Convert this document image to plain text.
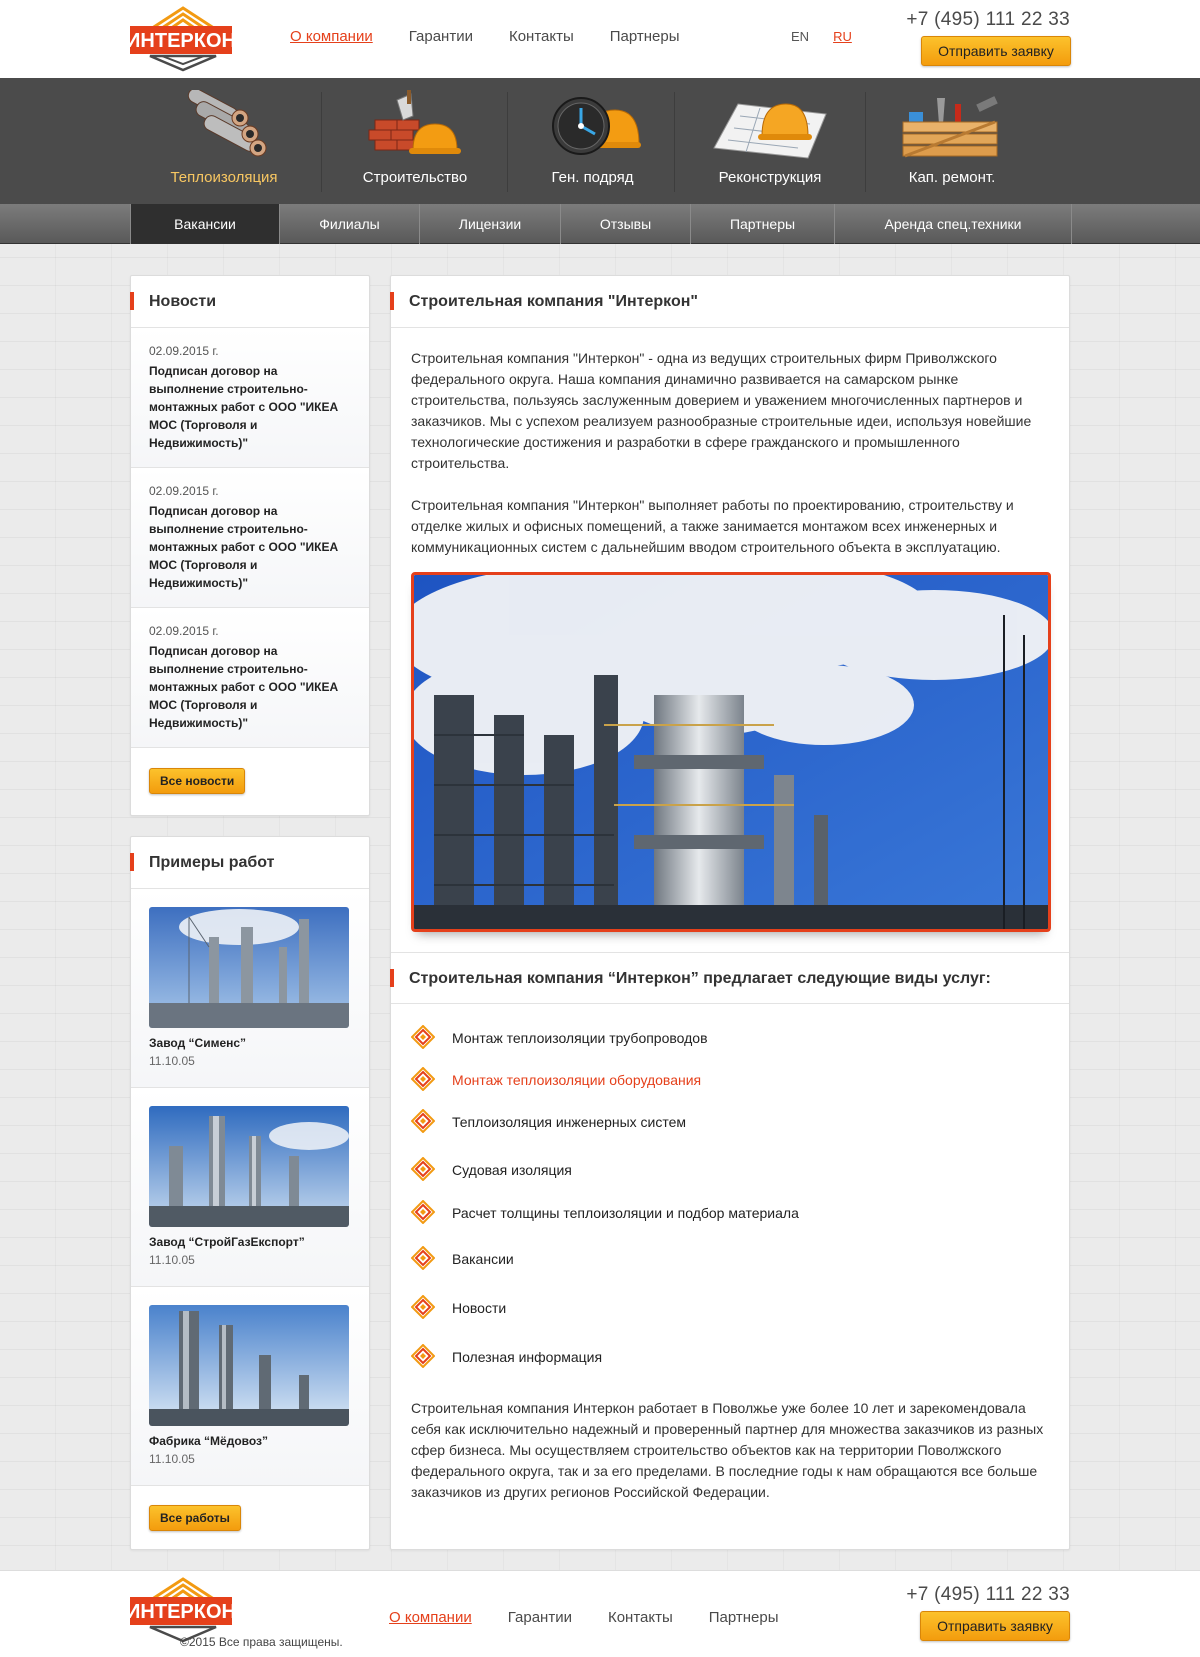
ИНТЕРКОН	О компании Гарантии Контакты Партнеры	EN RU
+7 (495) 111 22 33
Отправить заявку
Теплоизоляция	Строительство	Ген. подряд	Реконструкция	Кап. ремонт.
Вакансии	Филиалы	Лицензии	Отзывы	Партнеры	Аренда спец.техники
Новости
02.09.2015 г.
Подписан договор на выполнение строительно-монтажных работ с ООО "ИКЕА МОС (Торговоля и Недвижимость)"
02.09.2015 г.
Подписан договор на выполнение строительно-монтажных работ с ООО "ИКЕА МОС (Торговоля и Недвижимость)"
02.09.2015 г.
Подписан договор на выполнение строительно-монтажных работ с ООО "ИКЕА МОС (Торговоля и Недвижимость)"
Все новости
Примеры работ
Завод “Сименс”
11.10.05
Завод “СтройГазЕкспорт”
11.10.05
Фабрика “Мёдовоз”
11.10.05
Все работы
Строительная компания "Интеркон"

Строительная компания "Интеркон" - одна из ведущих строительных фирм Приволжского федерального округа. Наша компания динамично развивается на самарском рынке строительства, пользуясь заслуженным доверием и уважением многочисленных партнеров и заказчиков. Мы с успехом реализуем разнообразные строительные идеи, используя новейшие технологические достижения и разработки в сфере гражданского и промышленного строительства.

Строительная компания "Интеркон" выполняет работы по проектированию, строительству и отделке жилых и офисных помещений, а также занимается монтажом всех инженерных и коммуникационных систем с дальнейшим вводом строительного объекта в эксплуатацию.

Строительная компания “Интеркон” предлагает следующие виды услуг:
Монтаж теплоизоляции трубопроводов
Монтаж теплоизоляции оборудования
Теплоизоляция инженерных систем
Судовая изоляция
Расчет толщины теплоизоляции и подбор материала
Вакансии
Новости
Полезная информация

Строительная компания Интеркон работает в Поволжье уже более 10 лет и зарекомендовала себя как исключительно надежный и проверенный партнер для множества заказчиков из разных сфер бизнеса. Мы осуществляем строительство объектов как на территории Поволжского федерального округа, так и за его пределами. В последние годы к нам обращаются все больше заказчиков из других регионов Российской Федерации.

ИНТЕРКОН
©2015 Все права защищены.
О компании Гарантии Контакты Партнеры
+7 (495) 111 22 33
Отправить заявку
